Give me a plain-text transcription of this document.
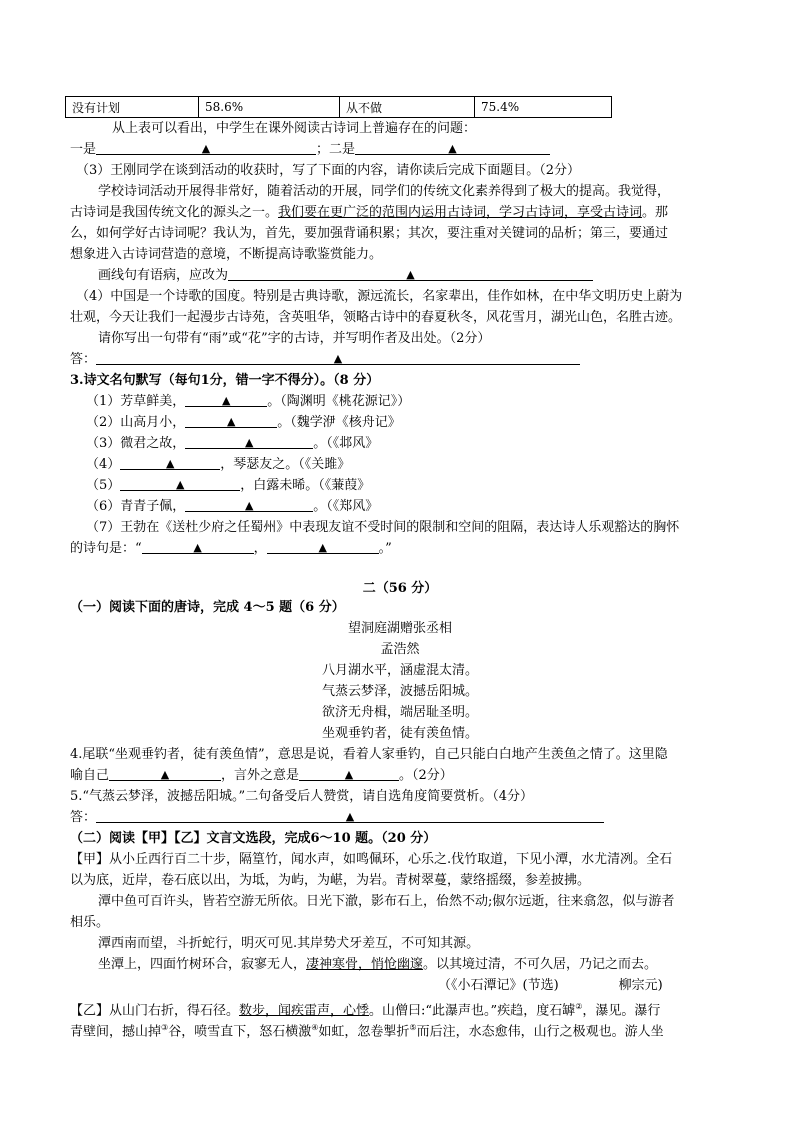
没有计划	58.6%	从不做	75.4%
从上表可以看出，中学生在课外阅读古诗词上普遍存在的问题：
一是	▲	；二是	▲
（3）王刚同学在谈到活动的收获时，写了下面的内容，请你读后完成下面题目。（2分）
学校诗词活动开展得非常好，随着活动的开展，同学们的传统文化素养得到了极大的提高。我觉得，
古诗词是我国传统文化的源头之一。我们要在更广泛的范围内运用古诗词，学习古诗词，享受古诗词。那
么，如何学好古诗词呢？我认为，首先，要加强背诵积累；其次，要注重对关键词的品析；第三，要通过
想象进入古诗词营造的意境，不断提高诗歌鉴赏能力。
画线句有语病，应改为	▲
（4）中国是一个诗歌的国度。特别是古典诗歌，源远流长，名家辈出，佳作如林，在中华文明历史上蔚为
壮观，今天让我们一起漫步古诗苑，含英咀华，领略古诗中的春夏秋冬，风花雪月，湖光山色，名胜古迹。
请你写出一句带有“雨”或“花”字的古诗，并写明作者及出处。（2分）
答：	▲
3.诗文名句默写（每句1分，错一字不得分）。（8 分）
（1）芳草鲜美，	▲	。（陶渊明《桃花源记》）
（2）山高月小，	▲	。（魏学洢《核舟记》
（3）微君之故，	▲	。（《邶风》
（4）	▲	，琴瑟友之。（《关雎》
（5）	▲	，白露未晞。（《蒹葭》
（6）青青子佩，	▲	。（《郑风》
（7）王勃在《送杜少府之任蜀州》中表现友谊不受时间的限制和空间的阻隔，表达诗人乐观豁达的胸怀
的诗句是：“	▲	，	▲	。”
二（56 分）
（一）阅读下面的唐诗，完成 4～5 题（6 分）
望洞庭湖赠张丞相
孟浩然
八月湖水平，涵虚混太清。
气蒸云梦泽，波撼岳阳城。
欲济无舟楫，端居耻圣明。
坐观垂钓者，徒有羡鱼情。
4.尾联“坐观垂钓者，徒有羡鱼情”，意思是说，看着人家垂钓，自己只能白白地产生羡鱼之情了。这里隐
喻自己	▲	，言外之意是	▲	。（2分）
5.“气蒸云梦泽，波撼岳阳城。”二句备受后人赞赏，请自选角度简要赏析。（4分）
答：	▲
（二）阅读【甲】【乙】文言文选段，完成6～10 题。（20 分）
【甲】从小丘西行百二十步，隔篁竹，闻水声，如鸣佩环，心乐之.伐竹取道，下见小潭，水尤清冽。全石
以为底，近岸，卷石底以出，为坻，为屿，为嵁，为岩。青树翠蔓，蒙络摇缀，参差披拂。
潭中鱼可百许头，皆若空游无所依。日光下澈，影布石上，佁然不动;俶尔远逝，往来翕忽，似与游者
相乐。
潭西南而望，斗折蛇行，明灭可见.其岸势犬牙差互，不可知其源。
坐潭上，四面竹树环合，寂寥无人，凄神寒骨，悄怆幽邃。以其境过清，不可久居，乃记之而去。
（《小石潭记》(节选)	柳宗元)
【乙】从山门右折，得石径。数步，闻疾雷声，心悸。山僧曰:“此瀑声也。”疾趋，度石罅②，瀑见。瀑行
青壁间，撼山掉③谷，喷雪直下，怒石横激④如虹，忽卷掣折⑤而后注，水态愈伟，山行之极观也。游人坐
